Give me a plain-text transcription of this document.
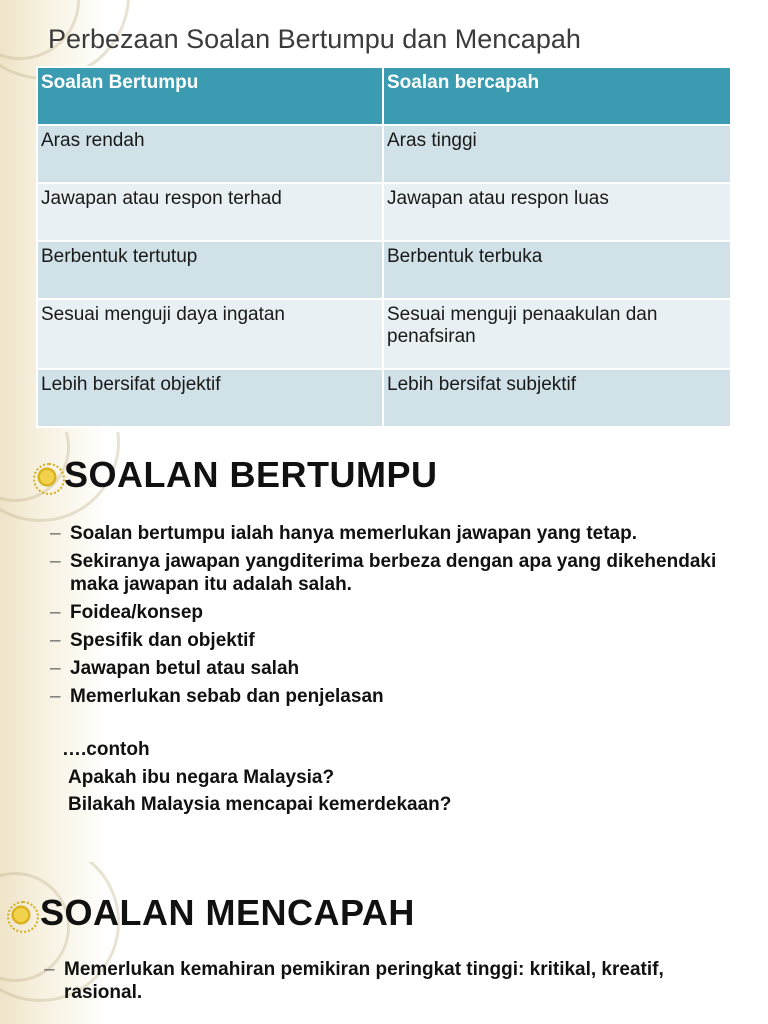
Perbezaan Soalan Bertumpu dan Mencapah
Soalan Bertumpu	Soalan bercapah
Aras rendah	Aras tinggi
Jawapan atau respon terhad	Jawapan atau respon luas
Berbentuk tertutup	Berbentuk terbuka
Sesuai menguji daya ingatan	Sesuai menguji penaakulan dan penafsiran
Lebih bersifat objektif	Lebih bersifat subjektif
SOALAN BERTUMPU
– Soalan bertumpu ialah hanya memerlukan jawapan yang tetap.
– Sekiranya jawapan yangditerima berbeza dengan apa yang dikehendaki maka jawapan itu adalah salah.
– Foidea/konsep
– Spesifik dan objektif
– Jawapan betul atau salah
– Memerlukan sebab dan penjelasan
….contoh
Apakah ibu negara Malaysia?
Bilakah Malaysia mencapai kemerdekaan?
SOALAN MENCAPAH
– Memerlukan kemahiran pemikiran peringkat tinggi: kritikal, kreatif, rasional.
